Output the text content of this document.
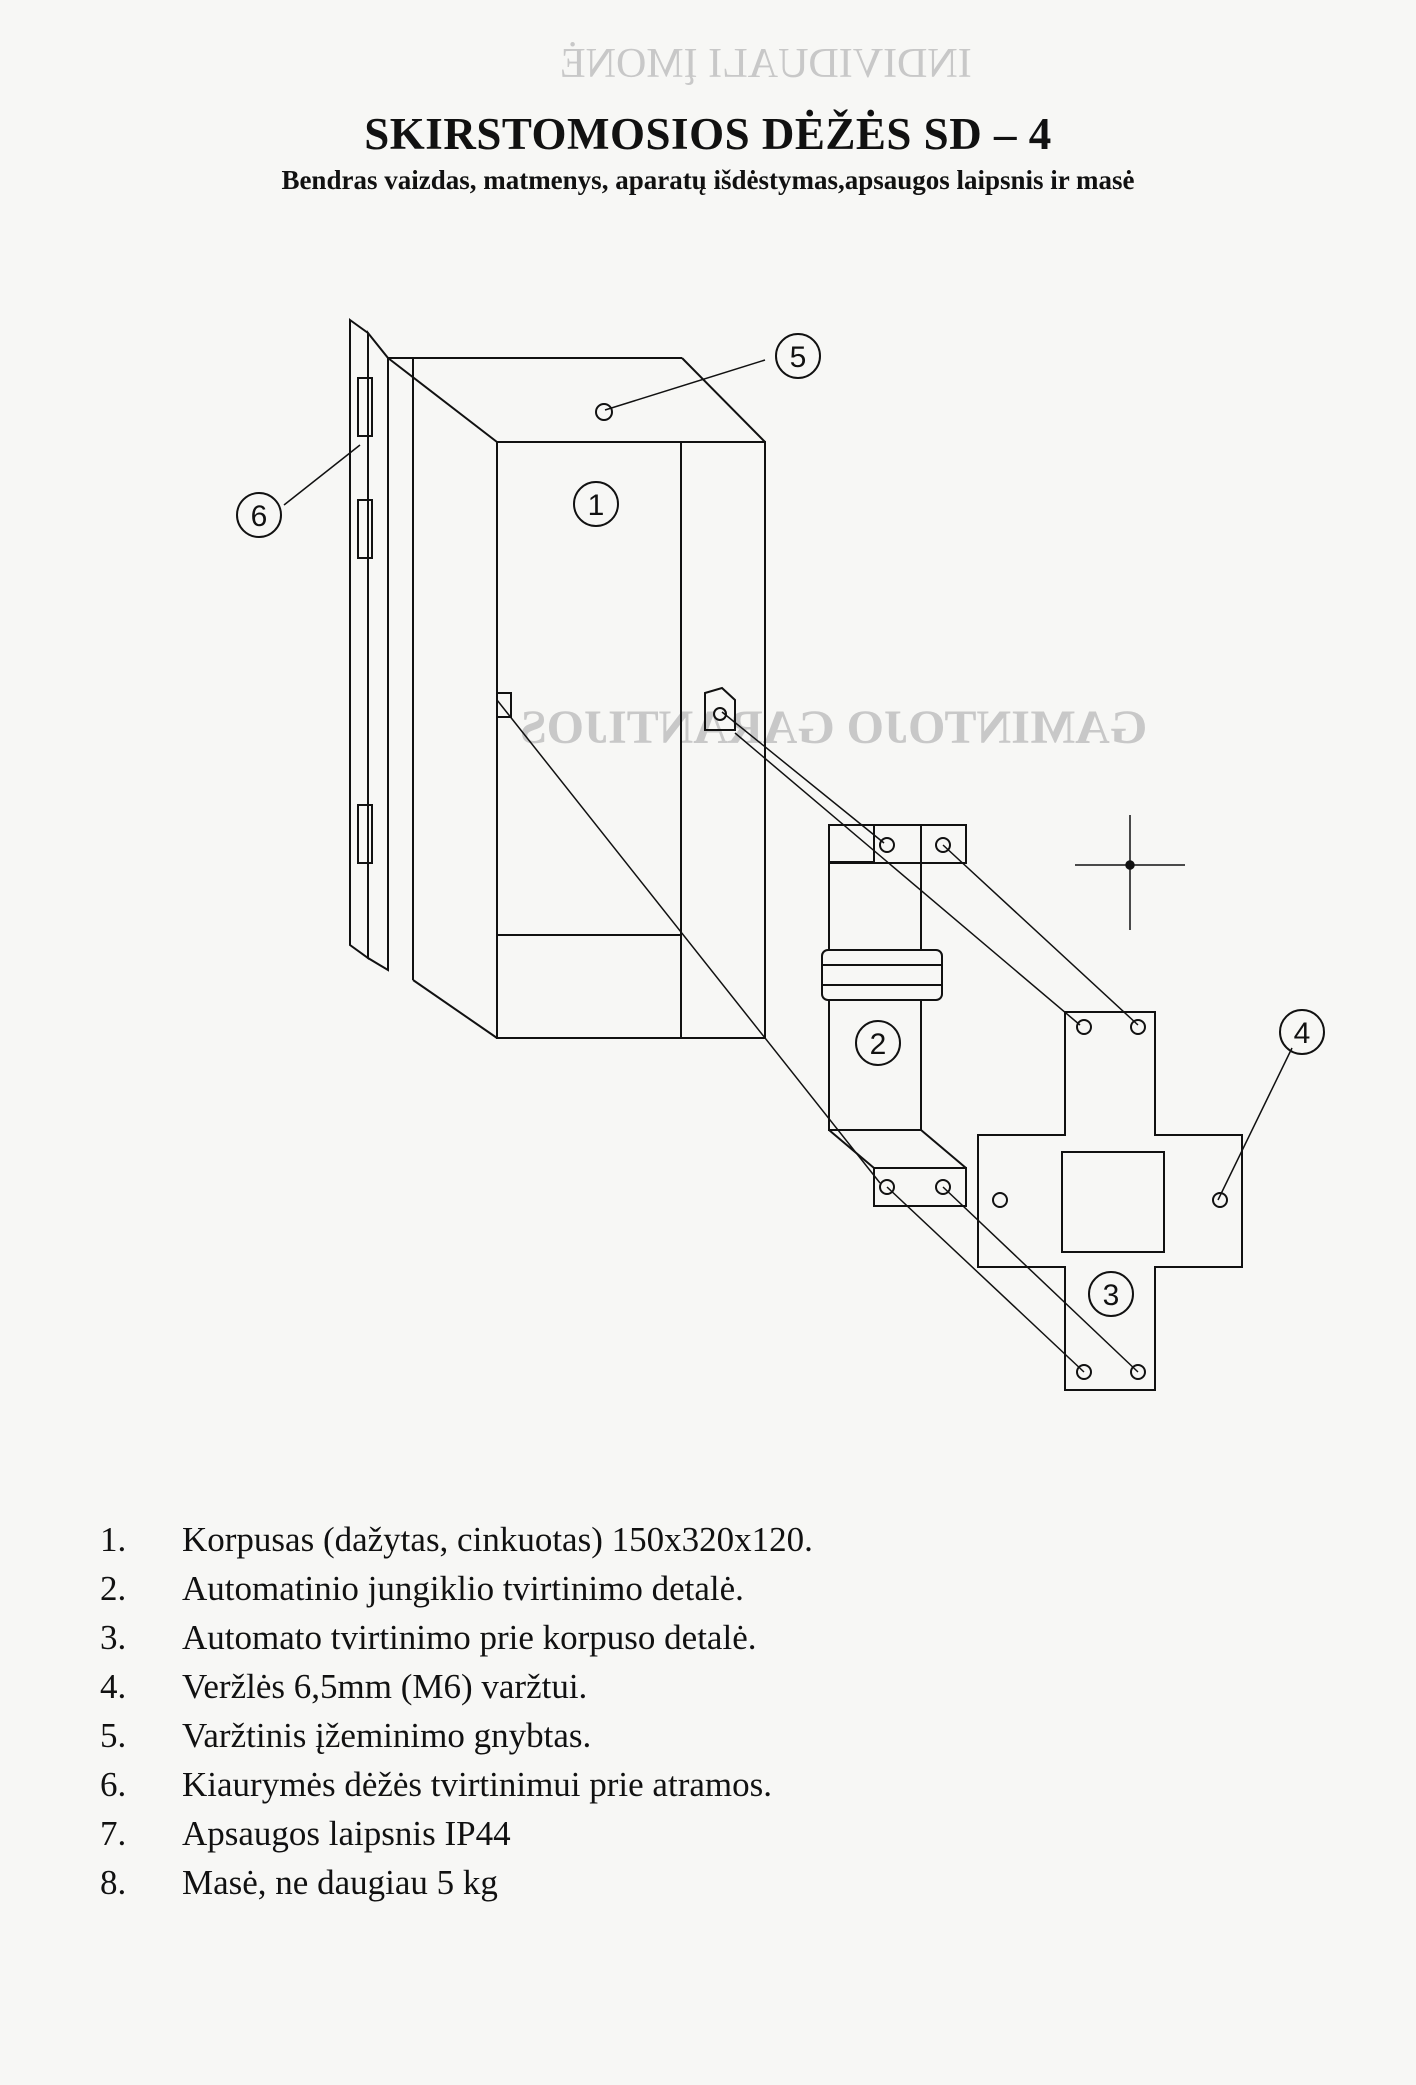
INDIVIDUALI ĮMONĖ
GAMINTOJO GARANTIJOS
SKIRSTOMOSIOS DĖŽĖS SD – 4
Bendras vaizdas, matmenys, aparatų išdėstymas,apsaugos laipsnis ir masė
1
2
3
4
5
6
1.	Korpusas (dažytas, cinkuotas) 150x320x120.
2.	Automatinio jungiklio tvirtinimo detalė.
3.	Automato tvirtinimo prie korpuso detalė.
4.	Veržlės 6,5mm (M6) varžtui.
5.	Varžtinis įžeminimo gnybtas.
6.	Kiaurymės dėžės tvirtinimui prie atramos.
7.	Apsaugos laipsnis IP44
8.	Masė, ne daugiau 5 kg
